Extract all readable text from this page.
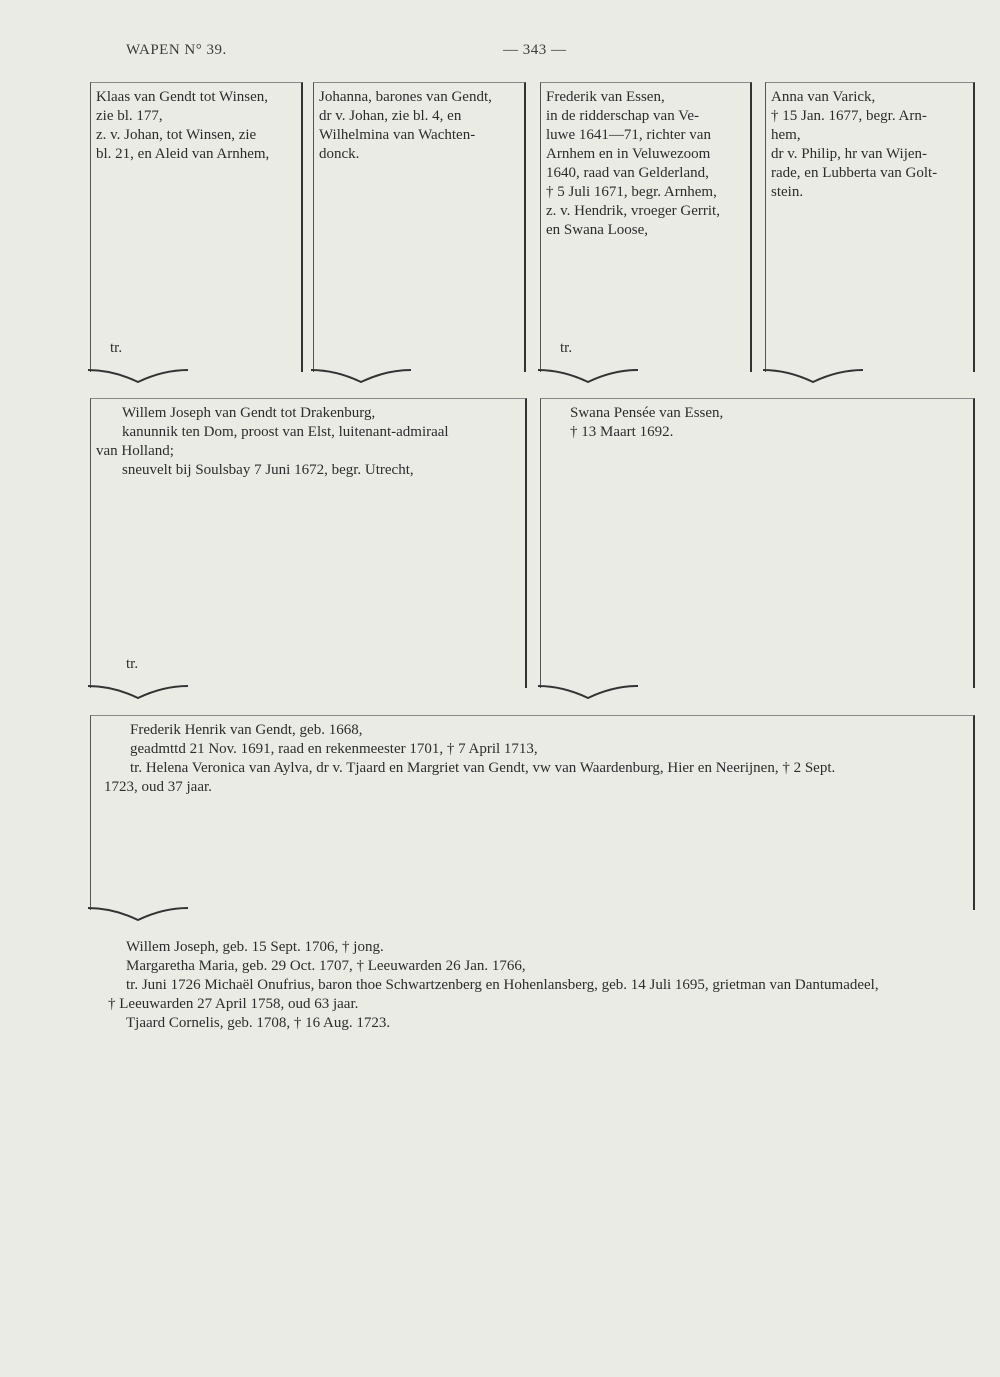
WAPEN N° 39.	— 343 —

Klaas van Gendt tot Winsen,

zie bl. 177,

z. v. Johan, tot Winsen, zie

bl. 21, en Aleid van Arnhem,

tr.

Johanna, barones van Gendt,

dr v. Johan, zie bl. 4, en

Wilhelmina van Wachten-

donck.

Frederik van Essen,

in de ridderschap van Ve-

luwe 1641—71, richter van

Arnhem en in Veluwezoom

1640, raad van Gelderland,

† 5 Juli 1671, begr. Arnhem,

z. v. Hendrik, vroeger Gerrit,

en Swana Loose,

tr.

Anna van Varick,

† 15 Jan. 1677, begr. Arn-

hem,

dr v. Philip, hr van Wijen-

rade, en Lubberta van Golt-

stein.

Willem Joseph van Gendt tot Drakenburg,

kanunnik ten Dom, proost van Elst, luitenant-admiraal

van Holland;

sneuvelt bij Soulsbay 7 Juni 1672, begr. Utrecht,

tr.

Swana Pensée van Essen,

† 13 Maart 1692.

Frederik Henrik van Gendt, geb. 1668,

geadmttd 21 Nov. 1691, raad en rekenmeester 1701, † 7 April 1713,

tr. Helena Veronica van Aylva, dr v. Tjaard en Margriet van Gendt, vw van Waardenburg, Hier en Neerijnen, † 2 Sept.

1723, oud 37 jaar.

Willem Joseph, geb. 15 Sept. 1706, † jong.
Margaretha Maria, geb. 29 Oct. 1707, † Leeuwarden 26 Jan. 1766,
tr. Juni 1726 Michaël Onufrius, baron thoe Schwartzenberg en Hohenlansberg, geb. 14 Juli 1695, grietman van Dantumadeel,
† Leeuwarden 27 April 1758, oud 63 jaar.
Tjaard Cornelis, geb. 1708, † 16 Aug. 1723.
